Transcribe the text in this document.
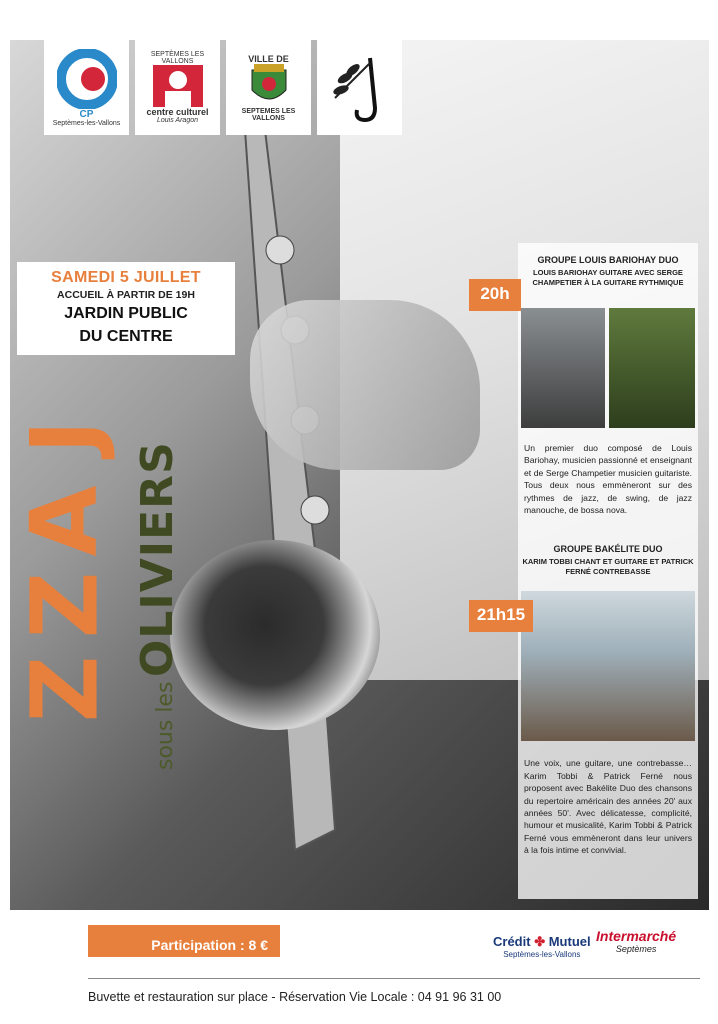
CP
Septèmes-les-Vallons
SEPTÈMES LES VALLONS
centre culturel
Louis Aragon
VILLE DE
SEPTEMES LES VALLONS
SAMEDI 5 JUILLET
ACCUEIL À PARTIR DE 19H
JARDIN PUBLIC
DU CENTRE
J
A
Z
Z	sous les OLIVIERS
GROUPE LOUIS BARIOHAY DUO
LOUIS BARIOHAY GUITARE AVEC SERGE CHAMPETIER À LA GUITARE RYTHMIQUE
Un premier duo composé de Louis Bariohay, musicien passionné et enseignant et de Serge Champetier musicien guitariste. Tous deux nous emmèneront sur des rythmes de jazz, de swing, de jazz manouche, de bossa nova.
GROUPE BAKÉLITE DUO
KARIM TOBBI CHANT ET GUITARE ET PATRICK FERNÉ CONTREBASSE
Une voix, une guitare, une contrebasse… Karim Tobbi & Patrick Ferné nous proposent avec Bakélite Duo des chansons du repertoire américain des années 20' aux années 50'. Avec délicatesse, complicité, humour et musicalité, Karim Tobbi & Patrick Ferné vous emmèneront dans leur univers à la fois intime et convivial.
20h
21h15
Participation : 8 €	Crédit ✤ Mutuel
Septèmes-les-Vallons
Intermarché
Septèmes
Buvette et restauration sur place - Réservation Vie Locale : 04 91 96 31 00
